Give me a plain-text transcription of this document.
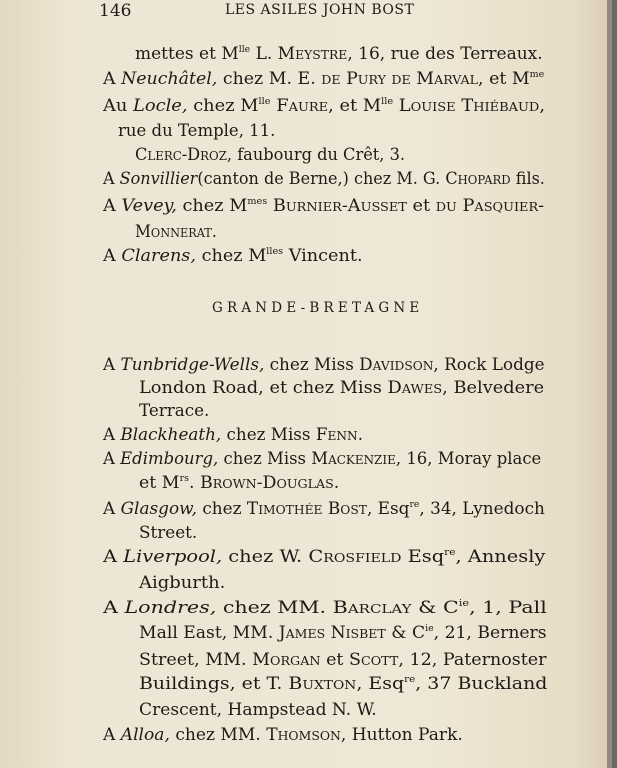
146	LES ASILES JOHN BOST
mettes et $M^{lle}$ L. Meystre, 16, rue des Terreaux.
A Neuchâtel, chez M. E. de Pury de Marval, et $M^{me}$
Au Locle, chez $M^{lle}$ Faure, et $M^{lle}$ Louise Thiébaud,
rue du Temple, 11.
Clerc-Droz, faubourg du Crêt, 3.
A Sonvillier(canton de Berne,) chez M. G. Chopard fils.
A Vevey, chez $M^{mes}$ Burnier-Ausset et du Pasquier-
Monnerat.
A Clarens, chez $M^{lles}$ Vincent.
A Tunbridge-Wells, chez Miss Davidson, Rock Lodge
London Road, et chez Miss Dawes, Belvedere
Terrace.
A Blackheath, chez Miss Fenn.
A Edimbourg, chez Miss Mackenzie, 16, Moray place
et $M^{rs}$. Brown-Douglas.
A Glasgow, chez Timothée Bost, Esq$^{re}$, 34, Lynedoch
Street.
A Liverpool, chez W. Crosfield Esq$^{re}$, Annesly
Aigburth.
A Londres, chez MM. Barclay & $C^{ie}$, 1, Pall
Mall East, MM. James Nisbet & $C^{ie}$, 21, Berners
Street, MM. Morgan et Scott, 12, Paternoster
Buildings, et T. Buxton, Esq$^{re}$, 37 Buckland
Crescent, Hampstead N. W.
A Alloa, chez MM. Thomson, Hutton Park.
GRANDE-BRETAGNE
